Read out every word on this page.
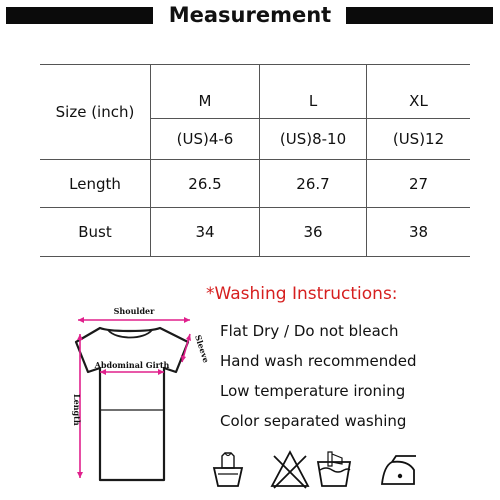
Measurement
Size (inch)	M	L	XL
	(US)4-6	(US)8-10	(US)12
Length	26.5	26.7	27
Bust	34	36	38
Shoulder
Sleeve
Abdominal Girth
Length
*Washing Instructions:
Flat Dry / Do not bleach
Hand wash recommended
Low temperature ironing
Color separated washing
